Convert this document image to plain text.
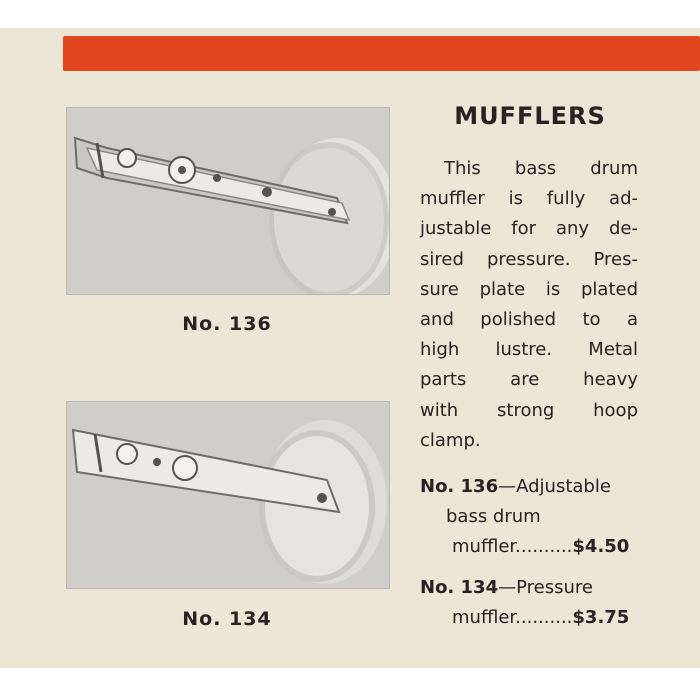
No. 136
No. 134
MUFFLERS
This bass drum
muffler is fully ad-
justable for any de-
sired pressure. Pres-
sure plate is plated
and polished to a
high lustre. Metal
parts are heavy
with strong hoop
clamp.
No. 136—Adjustable
bass drum
muffler..........$4.50
No. 134—Pressure
muffler..........$3.75
